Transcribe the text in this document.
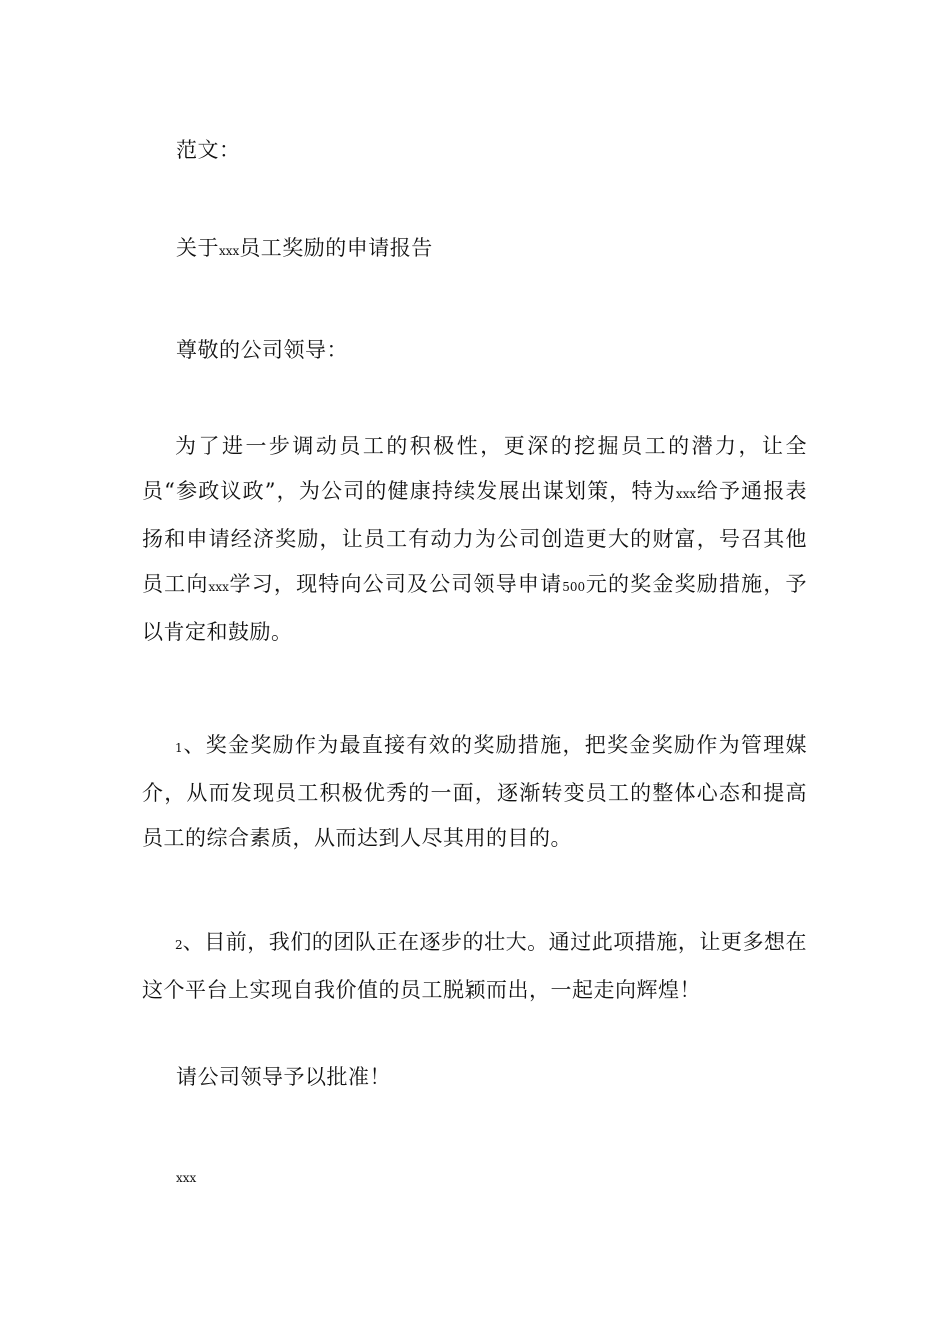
范文：
关于xxx员工奖励的申请报告
尊敬的公司领导：
为了进一步调动员工的积极性，更深的挖掘员工的潜力，让全员“参政议政”，为公司的健康持续发展出谋划策，特为xxx给予通报表扬和申请经济奖励，让员工有动力为公司创造更大的财富，号召其他员工向xxx学习，现特向公司及公司领导申请500元的奖金奖励措施，予以肯定和鼓励。
1、奖金奖励作为最直接有效的奖励措施，把奖金奖励作为管理媒介，从而发现员工积极优秀的一面，逐渐转变员工的整体心态和提高员工的综合素质，从而达到人尽其用的目的。
2、目前，我们的团队正在逐步的壮大。通过此项措施，让更多想在这个平台上实现自我价值的员工脱颖而出，一起走向辉煌！
请公司领导予以批准！
xxx
